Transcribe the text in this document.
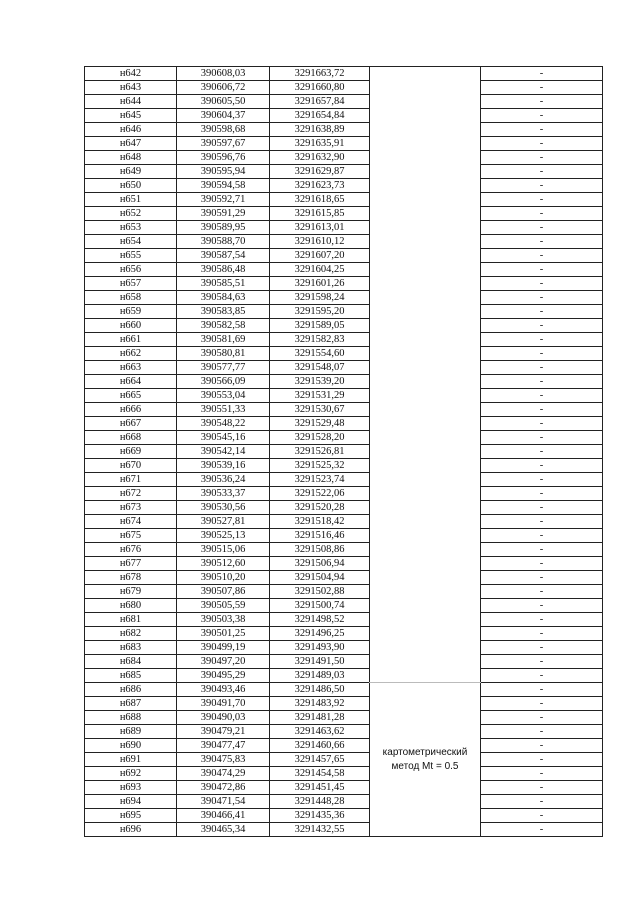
н642	390608,03	3291663,72		-
н643	390606,72	3291660,80		-
н644	390605,50	3291657,84		-
н645	390604,37	3291654,84		-
н646	390598,68	3291638,89		-
н647	390597,67	3291635,91		-
н648	390596,76	3291632,90		-
н649	390595,94	3291629,87		-
н650	390594,58	3291623,73		-
н651	390592,71	3291618,65		-
н652	390591,29	3291615,85		-
н653	390589,95	3291613,01		-
н654	390588,70	3291610,12		-
н655	390587,54	3291607,20		-
н656	390586,48	3291604,25		-
н657	390585,51	3291601,26		-
н658	390584,63	3291598,24		-
н659	390583,85	3291595,20		-
н660	390582,58	3291589,05		-
н661	390581,69	3291582,83		-
н662	390580,81	3291554,60		-
н663	390577,77	3291548,07		-
н664	390566,09	3291539,20		-
н665	390553,04	3291531,29		-
н666	390551,33	3291530,67		-
н667	390548,22	3291529,48		-
н668	390545,16	3291528,20		-
н669	390542,14	3291526,81		-
н670	390539,16	3291525,32		-
н671	390536,24	3291523,74		-
н672	390533,37	3291522,06		-
н673	390530,56	3291520,28		-
н674	390527,81	3291518,42		-
н675	390525,13	3291516,46		-
н676	390515,06	3291508,86		-
н677	390512,60	3291506,94		-
н678	390510,20	3291504,94		-
н679	390507,86	3291502,88		-
н680	390505,59	3291500,74		-
н681	390503,38	3291498,52		-
н682	390501,25	3291496,25		-
н683	390499,19	3291493,90		-
н684	390497,20	3291491,50		-
н685	390495,29	3291489,03		-
н686	390493,46	3291486,50	картометрический метод Mt = 0.5	-
н687	390491,70	3291483,92		-
н688	390490,03	3291481,28		-
н689	390479,21	3291463,62		-
н690	390477,47	3291460,66		-
н691	390475,83	3291457,65		-
н692	390474,29	3291454,58		-
н693	390472,86	3291451,45		-
н694	390471,54	3291448,28		-
н695	390466,41	3291435,36		-
н696	390465,34	3291432,55		-
